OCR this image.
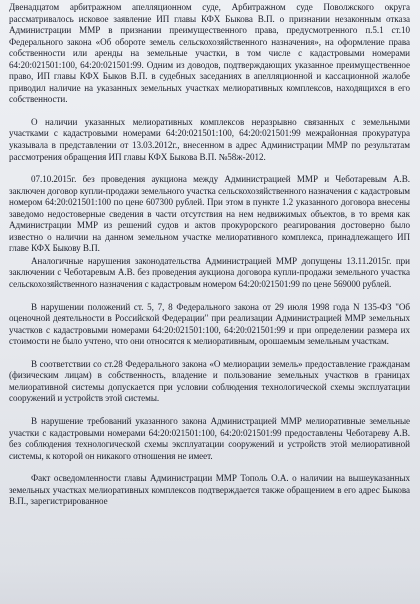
Двенадцатом арбитражном апелляционном суде, Арбитражном суде Поволжского округа рассматривалось исковое заявление ИП главы КФХ Быкова В.П. о признании незаконным отказа Администрации ММР в признании преимущественного права, предусмотренного п.5.1 ст.10 Федерального закона «Об обороте земель сельскохозяйственного назначения», на оформление права собственности или аренды на земельные участки, в том числе с кадастровыми номерами 64:20:021501:100, 64:20:021501:99. Одним из доводов, подтверждающих указанное преимущественное право, ИП главы КФХ Быков В.П. в судебных заседаниях в апелляционной и кассационной жалобе приводил наличие на указанных земельных участках мелиоративных комплексов, находящихся в его собственности.

О наличии указанных мелиоративных комплексов неразрывно связанных с земельными участками с кадастровыми номерами 64:20:021501:100, 64:20:021501:99 межрайонная прокуратура указывала в представлении от 13.03.2012г., внесенном в адрес Администрации ММР по результатам рассмотрения обращения ИП главы КФХ Быкова В.П. №58ж-2012.

07.10.2015г. без проведения аукциона между Администрацией ММР и Чеботаревым А.В. заключен договор купли-продажи земельного участка сельскохозяйственного назначения с кадастровым номером 64:20:021501:100 по цене 607300 рублей. При этом в пункте 1.2 указанного договора внесены заведомо недостоверные сведения в части отсутствия на нем недвижимых объектов, в то время как Администрации ММР из решений судов и актов прокурорского реагирования достоверно было известно о наличии на данном земельном участке мелиоративного комплекса, принадлежащего ИП главе КФХ Быкову В.П.

Аналогичные нарушения законодательства Администрацией ММР допущены 13.11.2015г. при заключении с Чеботаревым А.В. без проведения аукциона договора купли-продажи земельного участка сельскохозяйственного назначения с кадастровым номером 64:20:021501:99 по цене 569000 рублей.

В нарушении положений ст. 5, 7, 8 Федерального закона от 29 июля 1998 года N 135-ФЗ "Об оценочной деятельности в Российской Федерации" при реализации Администрацией ММР земельных участков с кадастровыми номерами 64:20:021501:100, 64:20:021501:99 и при определении размера их стоимости не было учтено, что они относятся к мелиоративным, орошаемым земельным участкам.

В соответствии со ст.28 Федерального закона «О мелиорации земель» предоставление гражданам (физическим лицам) в собственность, владение и пользование земельных участков в границах мелиоративной системы допускается при условии соблюдения технологической схемы эксплуатации сооружений и устройств этой системы.

В нарушение требований указанного закона Администрацией ММР мелиоративные земельные участки с кадастровыми номерами 64:20:021501:100, 64:20:021501:99 предоставлены Чеботареву А.В. без соблюдения технологической схемы эксплуатации сооружений и устройств этой мелиоративной системы, к которой он никакого отношения не имеет.

Факт осведомленности главы Администрации ММР Тополь О.А. о наличии на вышеуказанных земельных участках мелиоративных комплексов подтверждается также обращением в его адрес Быкова В.П., зарегистрированное
